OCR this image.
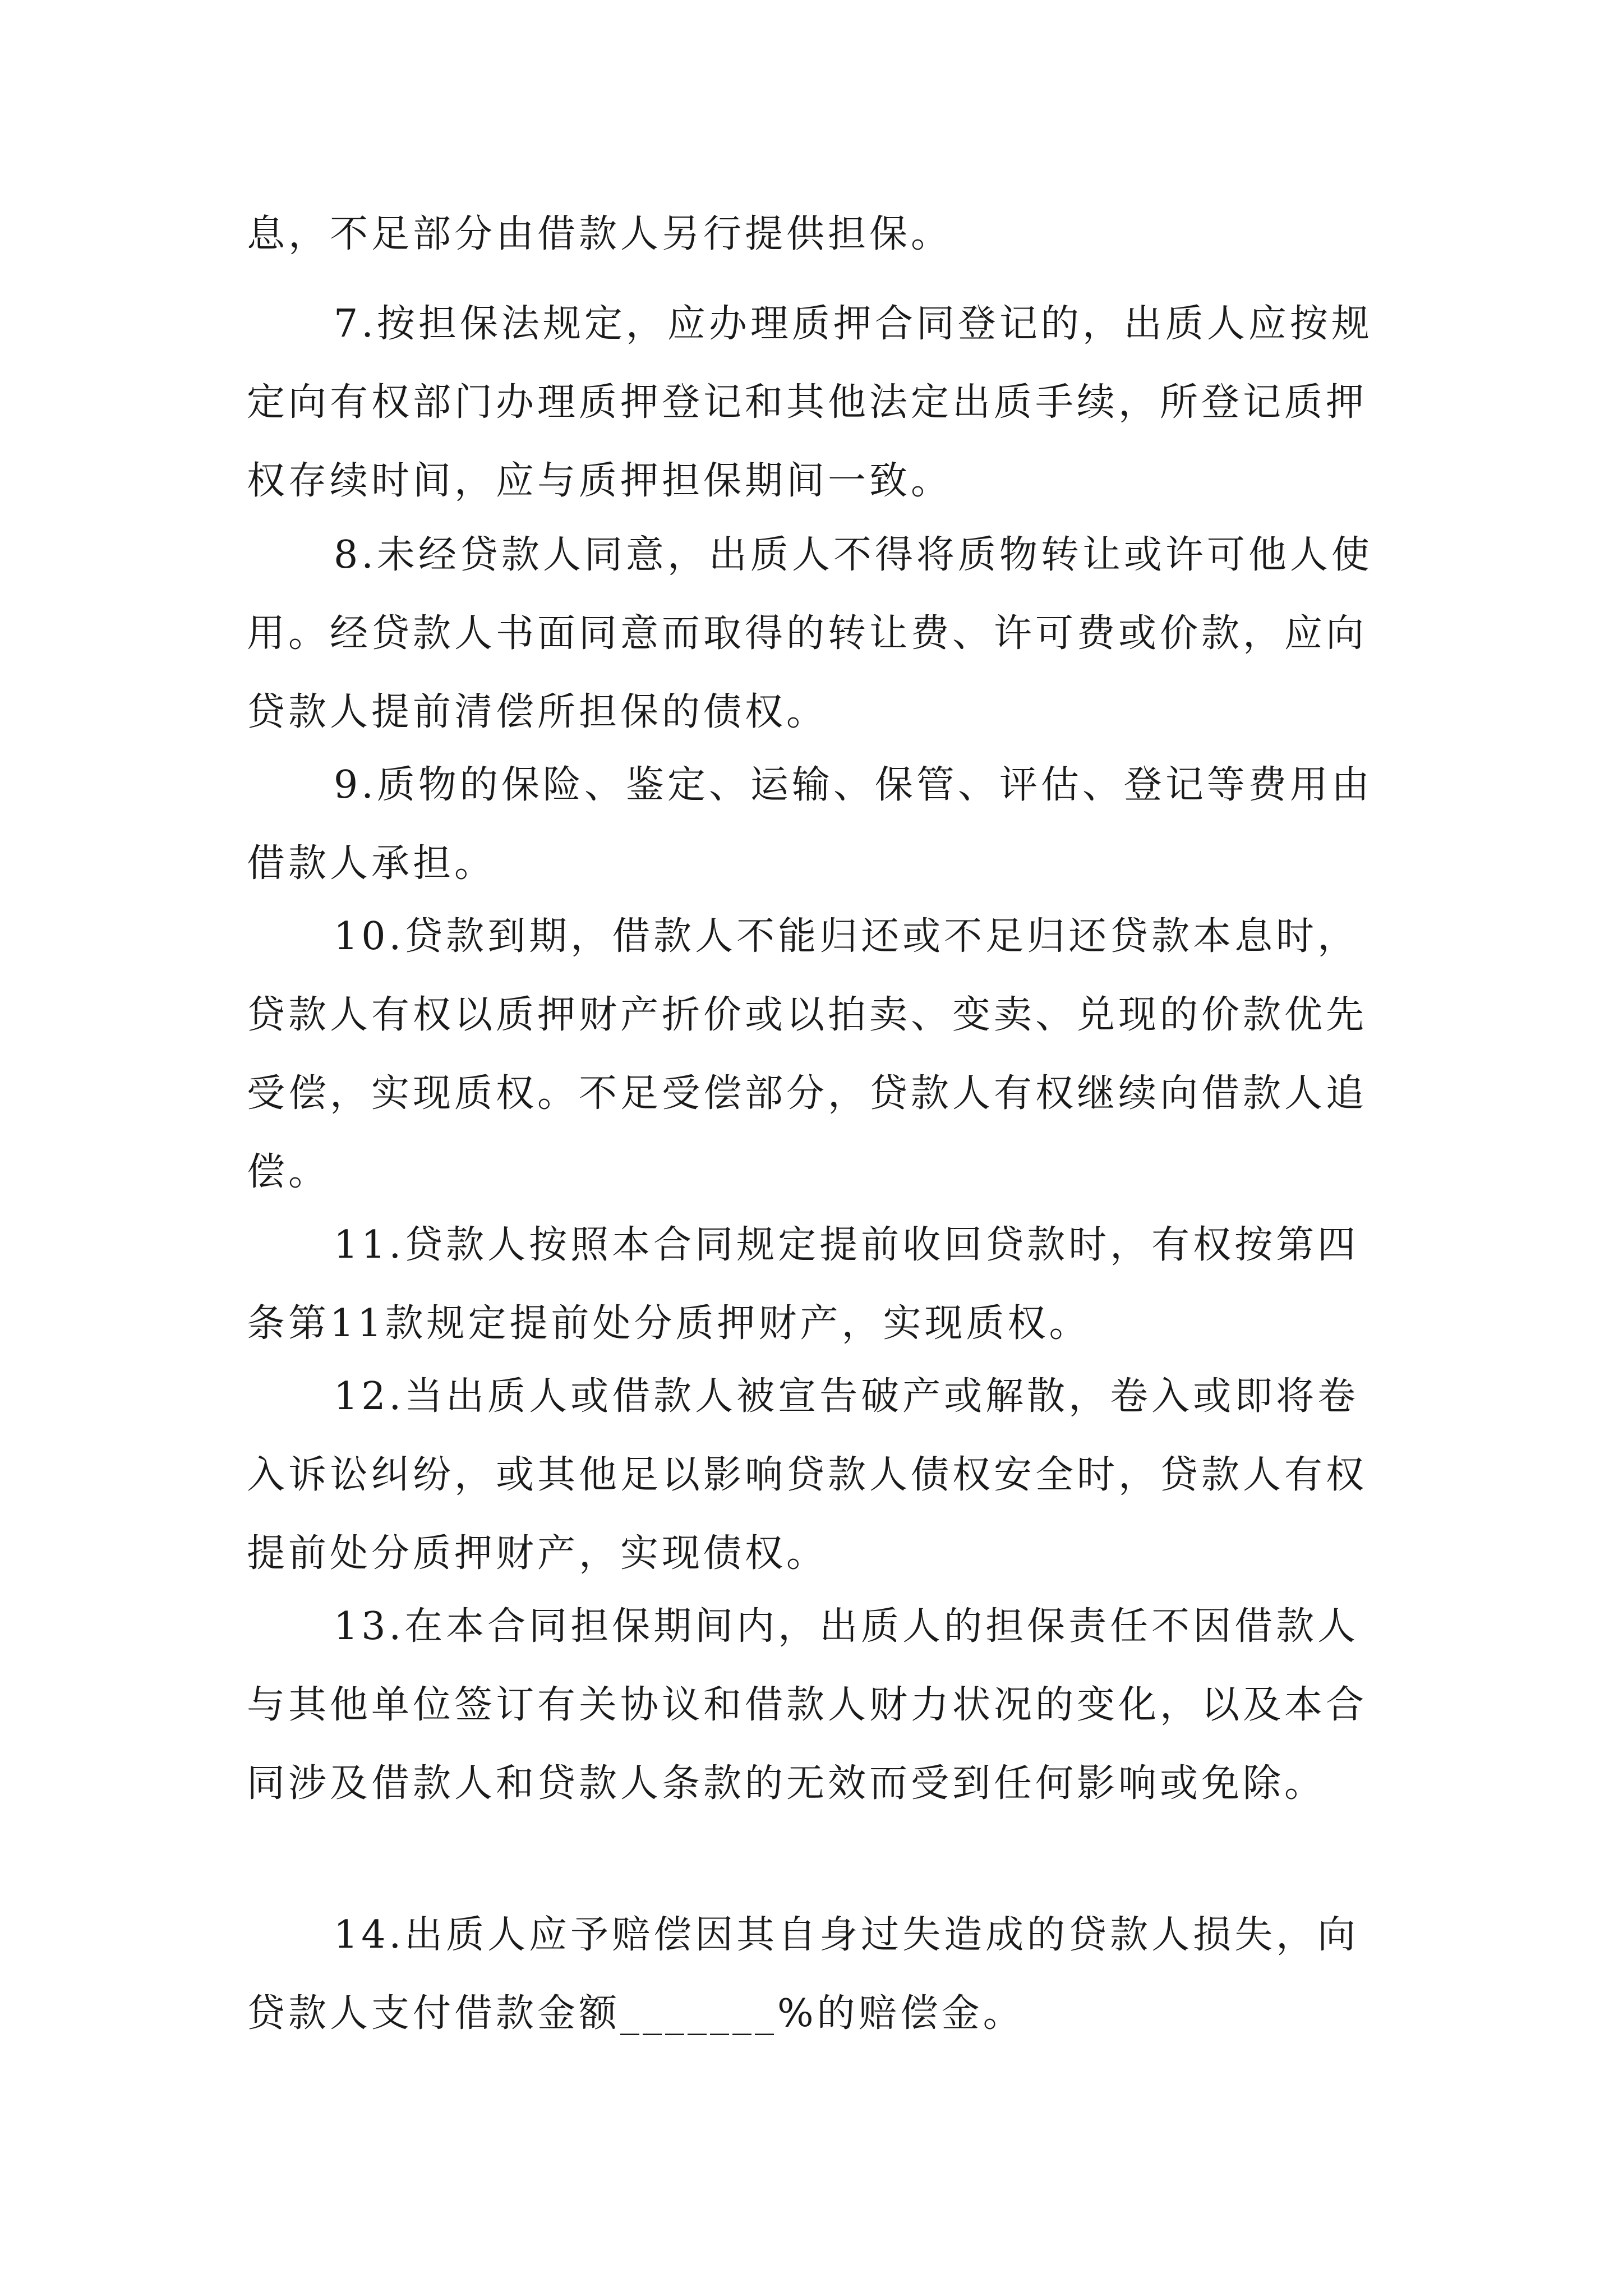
息，不足部分由借款人另行提供担保。

7.按担保法规定，应办理质押合同登记的，出质人应按规定向有权部门办理质押登记和其他法定出质手续，所登记质押权存续时间，应与质押担保期间一致。

8.未经贷款人同意，出质人不得将质物转让或许可他人使用。经贷款人书面同意而取得的转让费、许可费或价款，应向贷款人提前清偿所担保的债权。

9.质物的保险、鉴定、运输、保管、评估、登记等费用由借款人承担。

10.贷款到期，借款人不能归还或不足归还贷款本息时，贷款人有权以质押财产折价或以拍卖、变卖、兑现的价款优先受偿，实现质权。不足受偿部分，贷款人有权继续向借款人追偿。

11.贷款人按照本合同规定提前收回贷款时，有权按第四条第11款规定提前处分质押财产，实现质权。

12.当出质人或借款人被宣告破产或解散，卷入或即将卷入诉讼纠纷，或其他足以影响贷款人债权安全时，贷款人有权提前处分质押财产，实现债权。

13.在本合同担保期间内，出质人的担保责任不因借款人与其他单位签订有关协议和借款人财力状况的变化，以及本合同涉及借款人和贷款人条款的无效而受到任何影响或免除。

14.出质人应予赔偿因其自身过失造成的贷款人损失，向贷款人支付借款金额_______%的赔偿金。
